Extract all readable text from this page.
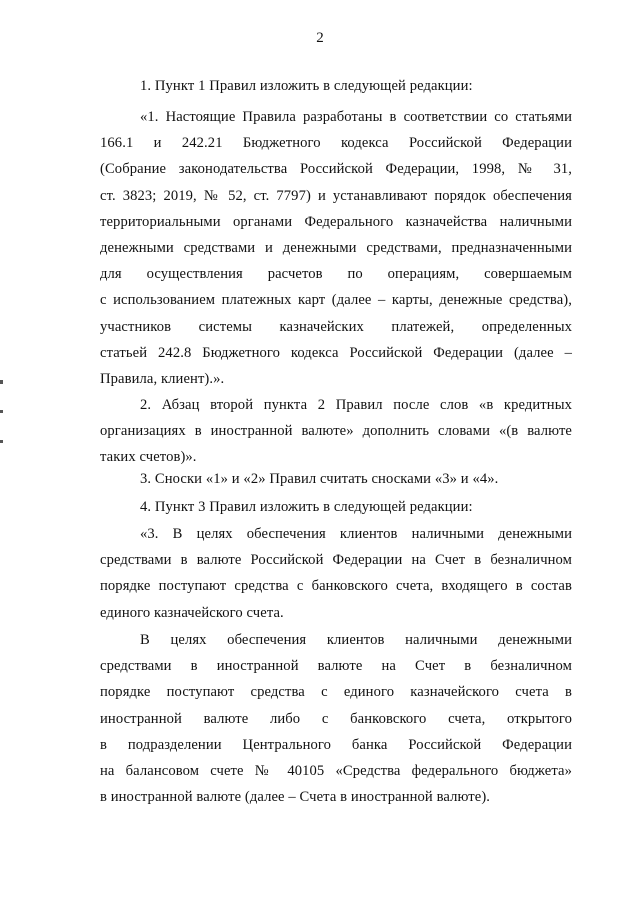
2
1. Пункт 1 Правил изложить в следующей редакции:
«1. Настоящие Правила разработаны в соответствии со статьями
166.1 и 242.21 Бюджетного кодекса Российской Федерации
(Собрание законодательства Российской Федерации, 1998, № 31,
ст. 3823; 2019, № 52, ст. 7797) и устанавливают порядок обеспечения
территориальными органами Федерального казначейства наличными
денежными средствами и денежными средствами, предназначенными
для осуществления расчетов по операциям, совершаемым
с использованием платежных карт (далее – карты, денежные средства),
участников системы казначейских платежей, определенных
статьей 242.8 Бюджетного кодекса Российской Федерации (далее –
Правила, клиент).».
2. Абзац второй пункта 2 Правил после слов «в кредитных
организациях в иностранной валюте» дополнить словами «(в валюте
таких счетов)».
3. Сноски «1» и «2» Правил считать сносками «3» и «4».
4. Пункт 3 Правил изложить в следующей редакции:
«3. В целях обеспечения клиентов наличными денежными
средствами в валюте Российской Федерации на Счет в безналичном
порядке поступают средства с банковского счета, входящего в состав
единого казначейского счета.
В целях обеспечения клиентов наличными денежными
средствами в иностранной валюте на Счет в безналичном
порядке поступают средства с единого казначейского счета в
иностранной валюте либо с банковского счета, открытого
в подразделении Центрального банка Российской Федерации
на балансовом счете № 40105 «Средства федерального бюджета»
в иностранной валюте (далее – Счета в иностранной валюте).
